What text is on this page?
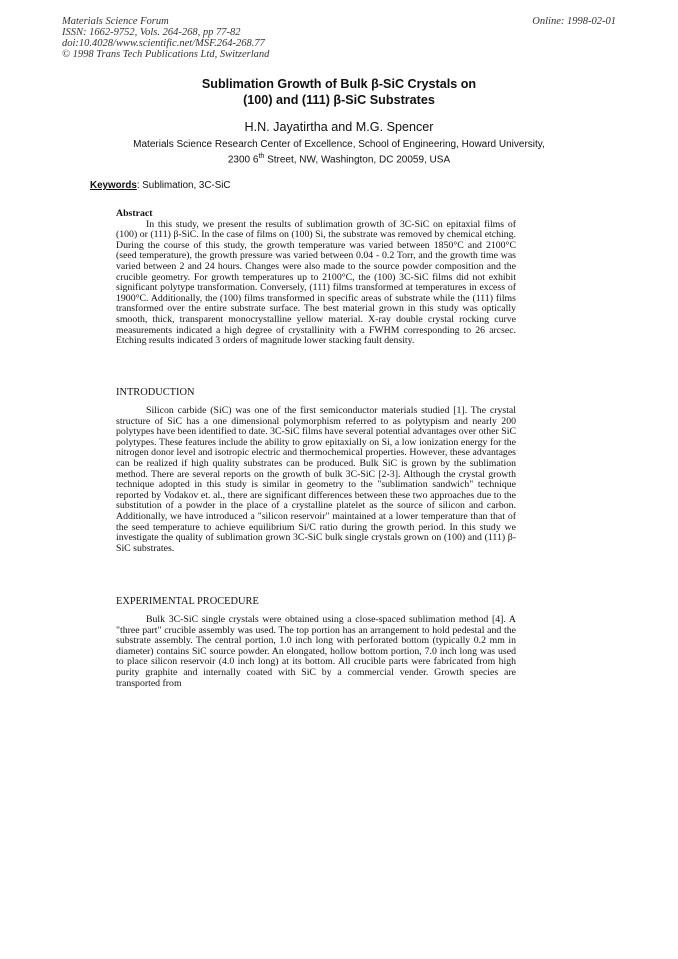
Materials Science Forum
ISSN: 1662-9752, Vols. 264-268, pp 77-82
doi:10.4028/www.scientific.net/MSF.264-268.77
© 1998 Trans Tech Publications Ltd, Switzerland
Online: 1998-02-01
Sublimation Growth of Bulk β-SiC Crystals on
(100) and (111) β-SiC Substrates
H.N. Jayatirtha and M.G. Spencer
Materials Science Research Center of Excellence, School of Engineering, Howard University,
2300 6th Street, NW, Washington, DC 20059, USA
Keywords: Sublimation, 3C-SiC
Abstract

In this study, we present the results of sublimation growth of 3C-SiC on epitaxial films of (100) or (111) β-SiC. In the case of films on (100) Si, the substrate was removed by chemical etching. During the course of this study, the growth temperature was varied between 1850°C and 2100°C (seed temperature), the growth pressure was varied between 0.04 - 0.2 Torr, and the growth time was varied between 2 and 24 hours. Changes were also made to the source powder composition and the crucible geometry. For growth temperatures up to 2100°C, the (100) 3C-SiC films did not exhibit significant polytype transformation. Conversely, (111) films transformed at temperatures in excess of 1900°C. Additionally, the (100) films transformed in specific areas of substrate while the (111) films transformed over the entire substrate surface. The best material grown in this study was optically smooth, thick, transparent monocrystalline yellow material. X-ray double crystal rocking curve measurements indicated a high degree of crystallinity with a FWHM corresponding to 26 arcsec. Etching results indicated 3 orders of magnitude lower stacking fault density.

INTRODUCTION

Silicon carbide (SiC) was one of the first semiconductor materials studied [1]. The crystal structure of SiC has a one dimensional polymorphism referred to as polytypism and nearly 200 polytypes have been identified to date. 3C-SiC films have several potential advantages over other SiC polytypes. These features include the ability to grow epitaxially on Si, a low ionization energy for the nitrogen donor level and isotropic electric and thermochemical properties. However, these advantages can be realized if high quality substrates can be produced. Bulk SiC is grown by the sublimation method. There are several reports on the growth of bulk 3C-SiC [2-3]. Although the crystal growth technique adopted in this study is similar in geometry to the "sublimation sandwich" technique reported by Vodakov et. al., there are significant differences between these two approaches due to the substitution of a powder in the place of a crystalline platelet as the source of silicon and carbon. Additionally, we have introduced a "silicon reservoir" maintained at a lower temperature than that of the seed temperature to achieve equilibrium Si/C ratio during the growth period. In this study we investigate the quality of sublimation grown 3C-SiC bulk single crystals grown on (100) and (111) β-SiC substrates.

EXPERIMENTAL PROCEDURE

Bulk 3C-SiC single crystals were obtained using a close-spaced sublimation method [4]. A "three part" crucible assembly was used. The top portion has an arrangement to hold pedestal and the substrate assembly. The central portion, 1.0 inch long with perforated bottom (typically 0.2 mm in diameter) contains SiC source powder. An elongated, hollow bottom portion, 7.0 inch long was used to place silicon reservoir (4.0 inch long) at its bottom. All crucible parts were fabricated from high purity graphite and internally coated with SiC by a commercial vender. Growth species are transported from
